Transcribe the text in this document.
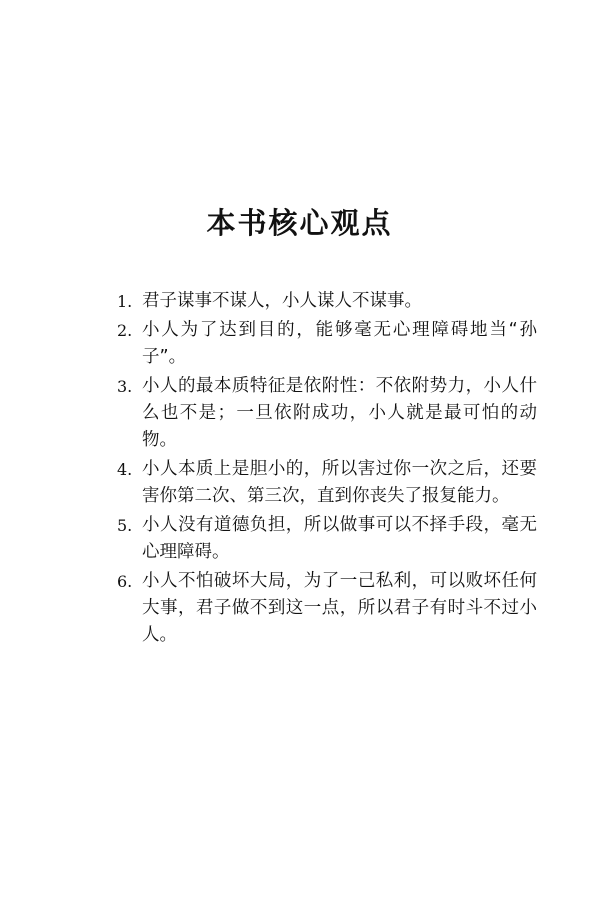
本书核心观点
1. 君子谋事不谋人，小人谋人不谋事。
2. 小人为了达到目的，能够毫无心理障碍地当“孙子”。
3. 小人的最本质特征是依附性：不依附势力，小人什么也不是；一旦依附成功，小人就是最可怕的动物。
4. 小人本质上是胆小的，所以害过你一次之后，还要害你第二次、第三次，直到你丧失了报复能力。
5. 小人没有道德负担，所以做事可以不择手段，毫无心理障碍。
6. 小人不怕破坏大局，为了一己私利，可以败坏任何大事，君子做不到这一点，所以君子有时斗不过小人。
